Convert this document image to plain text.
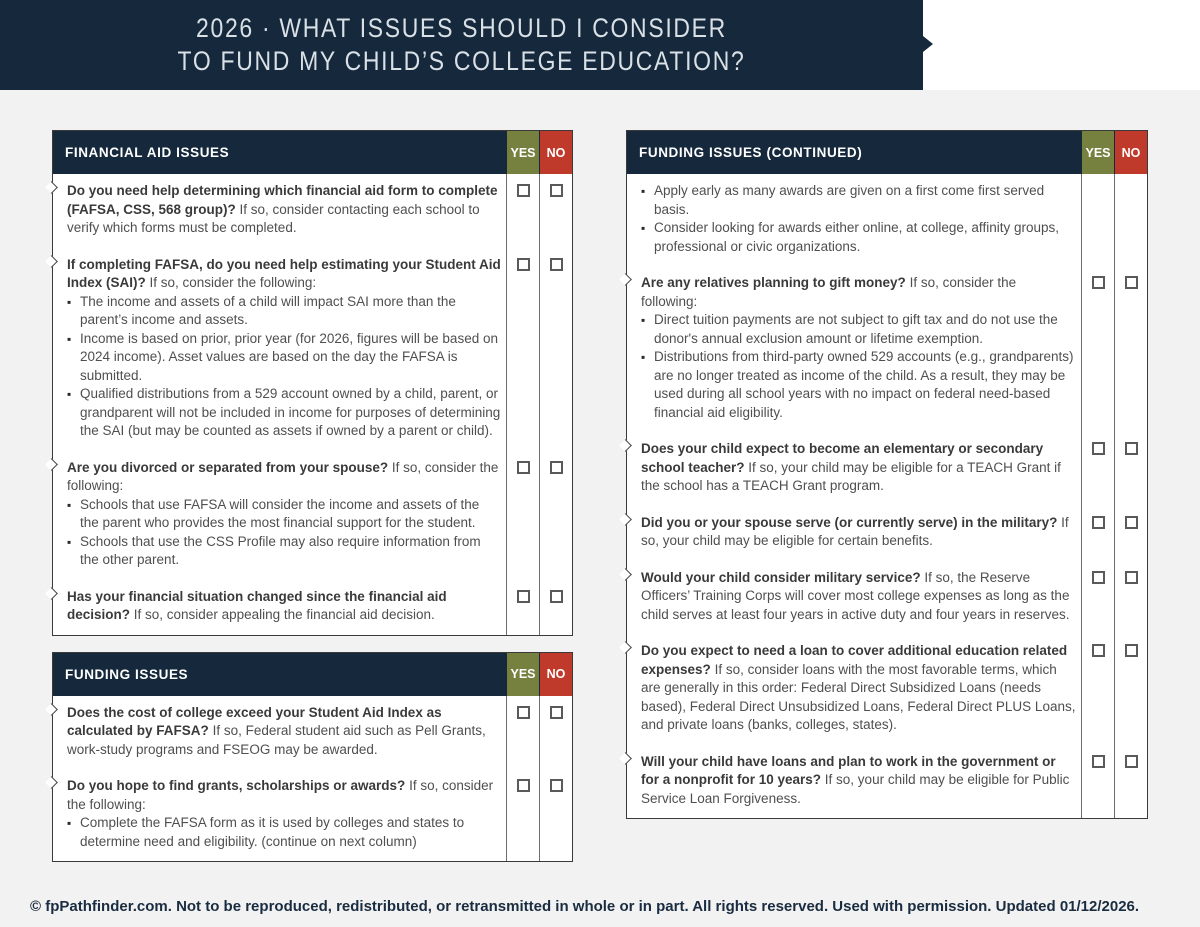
2026 · WHAT ISSUES SHOULD I CONSIDER
TO FUND MY CHILD’S COLLEGE EDUCATION?
FINANCIAL AID ISSUES	YES NO

Do you need help determining which financial aid form to complete (FAFSA, CSS, 568 group)? If so, consider contacting each school to verify which forms must be completed.

If completing FAFSA, do you need help estimating your Student Aid Index (SAI)? If so, consider the following:

▪ The income and assets of a child will impact SAI more than the parent’s income and assets.
▪ Income is based on prior, prior year (for 2026, figures will be based on 2024 income). Asset values are based on the day the FAFSA is submitted.
▪ Qualified distributions from a 529 account owned by a child, parent, or grandparent will not be included in income for purposes of determining the SAI (but may be counted as assets if owned by a parent or child).

Are you divorced or separated from your spouse? If so, consider the following:

▪ Schools that use FAFSA will consider the income and assets of the the parent who provides the most financial support for the student.
▪ Schools that use the CSS Profile may also require information from the other parent.

Has your financial situation changed since the financial aid decision? If so, consider appealing the financial aid decision.

FUNDING ISSUES	YES NO

Does the cost of college exceed your Student Aid Index as calculated by FAFSA? If so, Federal student aid such as Pell Grants, work-study programs and FSEOG may be awarded.

Do you hope to find grants, scholarships or awards? If so, consider the following:

▪ Complete the FAFSA form as it is used by colleges and states to determine need and eligibility. (continue on next column)
FUNDING ISSUES (CONTINUED)	YES NO
▪ Apply early as many awards are given on a first come first served basis.
▪ Consider looking for awards either online, at college, affinity groups, professional or civic organizations.

Are any relatives planning to gift money? If so, consider the following:

▪ Direct tuition payments are not subject to gift tax and do not use the donor's annual exclusion amount or lifetime exemption.
▪ Distributions from third-party owned 529 accounts (e.g., grandparents) are no longer treated as income of the child. As a result, they may be used during all school years with no impact on federal need-based financial aid eligibility.

Does your child expect to become an elementary or secondary school teacher? If so, your child may be eligible for a TEACH Grant if the school has a TEACH Grant program.

Did you or your spouse serve (or currently serve) in the military? If so, your child may be eligible for certain benefits.

Would your child consider military service? If so, the Reserve Officers’ Training Corps will cover most college expenses as long as the child serves at least four years in active duty and four years in reserves.

Do you expect to need a loan to cover additional education related expenses? If so, consider loans with the most favorable terms, which are generally in this order: Federal Direct Subsidized Loans (needs based), Federal Direct Unsubsidized Loans, Federal Direct PLUS Loans, and private loans (banks, colleges, states).

Will your child have loans and plan to work in the government or for a nonprofit for 10 years? If so, your child may be eligible for Public Service Loan Forgiveness.

© fpPathfinder.com. Not to be reproduced, redistributed, or retransmitted in whole or in part. All rights reserved. Used with permission. Updated 01/12/2026.
